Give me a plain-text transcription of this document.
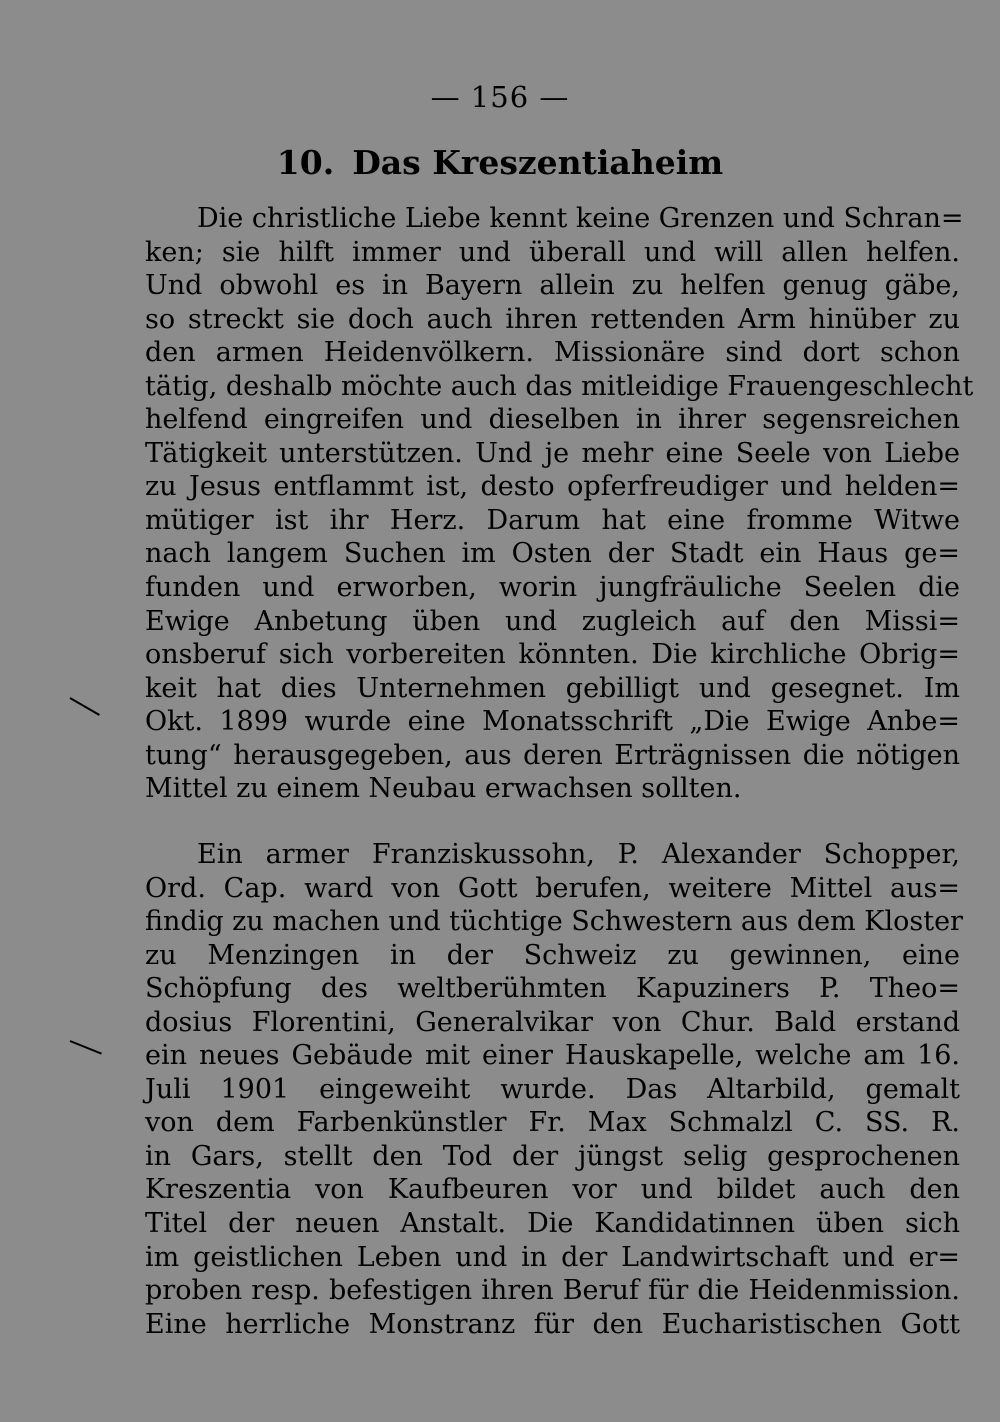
— 156 —
10. Das Kreszentiaheim
Die christliche Liebe kennt keine Grenzen und Schran=
ken; sie hilft immer und überall und will allen helfen.
Und obwohl es in Bayern allein zu helfen genug gäbe,
so streckt sie doch auch ihren rettenden Arm hinüber zu
den armen Heidenvölkern. Missionäre sind dort schon
tätig, deshalb möchte auch das mitleidige Frauengeschlecht
helfend eingreifen und dieselben in ihrer segensreichen
Tätigkeit unterstützen. Und je mehr eine Seele von Liebe
zu Jesus entflammt ist, desto opferfreudiger und helden=
mütiger ist ihr Herz. Darum hat eine fromme Witwe
nach langem Suchen im Osten der Stadt ein Haus ge=
funden und erworben, worin jungfräuliche Seelen die
Ewige Anbetung üben und zugleich auf den Missi=
onsberuf sich vorbereiten könnten. Die kirchliche Obrig=
keit hat dies Unternehmen gebilligt und gesegnet. Im
Okt. 1899 wurde eine Monatsschrift „Die Ewige Anbe=
tung“ herausgegeben, aus deren Erträgnissen die nötigen
Mittel zu einem Neubau erwachsen sollten.
Ein armer Franziskussohn, P. Alexander Schopper,
Ord. Cap. ward von Gott berufen, weitere Mittel aus=
findig zu machen und tüchtige Schwestern aus dem Kloster
zu Menzingen in der Schweiz zu gewinnen, eine
Schöpfung des weltberühmten Kapuziners P. Theo=
dosius Florentini, Generalvikar von Chur. Bald erstand
ein neues Gebäude mit einer Hauskapelle, welche am 16.
Juli 1901 eingeweiht wurde. Das Altarbild, gemalt
von dem Farbenkünstler Fr. Max Schmalzl C. SS. R.
in Gars, stellt den Tod der jüngst selig gesprochenen
Kreszentia von Kaufbeuren vor und bildet auch den
Titel der neuen Anstalt. Die Kandidatinnen üben sich
im geistlichen Leben und in der Landwirtschaft und er=
proben resp. befestigen ihren Beruf für die Heidenmission.
Eine herrliche Monstranz für den Eucharistischen Gott
